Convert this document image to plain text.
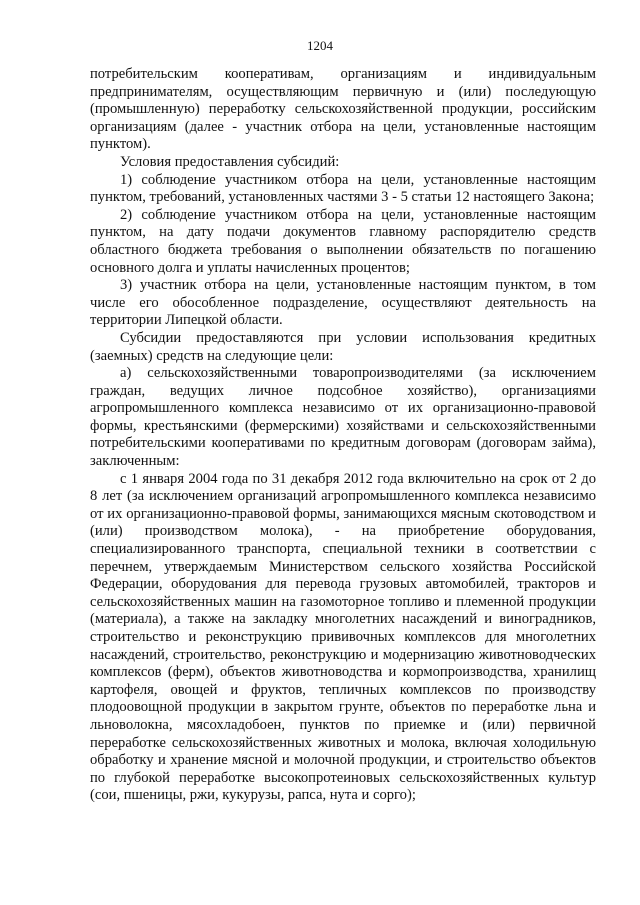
1204

потребительским кооперативам, организациям и индивидуальным предпринимателям, осуществляющим первичную и (или) последующую (промышленную) переработку сельскохозяйственной продукции, российским организациям (далее - участник отбора на цели, установленные настоящим пунктом).

Условия предоставления субсидий:

1) соблюдение участником отбора на цели, установленные настоящим пунктом, требований, установленных частями 3 - 5 статьи 12 настоящего Закона;

2) соблюдение участником отбора на цели, установленные настоящим пунктом, на дату подачи документов главному распорядителю средств областного бюджета требования о выполнении обязательств по погашению основного долга и уплаты начисленных процентов;

3) участник отбора на цели, установленные настоящим пунктом, в том числе его обособленное подразделение, осуществляют деятельность на территории Липецкой области.

Субсидии предоставляются при условии использования кредитных (заемных) средств на следующие цели:

а) сельскохозяйственными товаропроизводителями (за исключением граждан, ведущих личное подсобное хозяйство), организациями агропромышленного комплекса независимо от их организационно-правовой формы, крестьянскими (фермерскими) хозяйствами и сельскохозяйственными потребительскими кооперативами по кредитным договорам (договорам займа), заключенным:

с 1 января 2004 года по 31 декабря 2012 года включительно на срок от 2 до 8 лет (за исключением организаций агропромышленного комплекса независимо от их организационно-правовой формы, занимающихся мясным скотоводством и (или) производством молока), - на приобретение оборудования, специализированного транспорта, специальной техники в соответствии с перечнем, утверждаемым Министерством сельского хозяйства Российской Федерации, оборудования для перевода грузовых автомобилей, тракторов и сельскохозяйственных машин на газомоторное топливо и племенной продукции (материала), а также на закладку многолетних насаждений и виноградников, строительство и реконструкцию прививочных комплексов для многолетних насаждений, строительство, реконструкцию и модернизацию животноводческих комплексов (ферм), объектов животноводства и кормопроизводства, хранилищ картофеля, овощей и фруктов, тепличных комплексов по производству плодоовощной продукции в закрытом грунте, объектов по переработке льна и льноволокна, мясохладобоен, пунктов по приемке и (или) первичной переработке сельскохозяйственных животных и молока, включая холодильную обработку и хранение мясной и молочной продукции, и строительство объектов по глубокой переработке высокопротеиновых сельскохозяйственных культур (сои, пшеницы, ржи, кукурузы, рапса, нута и сорго);
